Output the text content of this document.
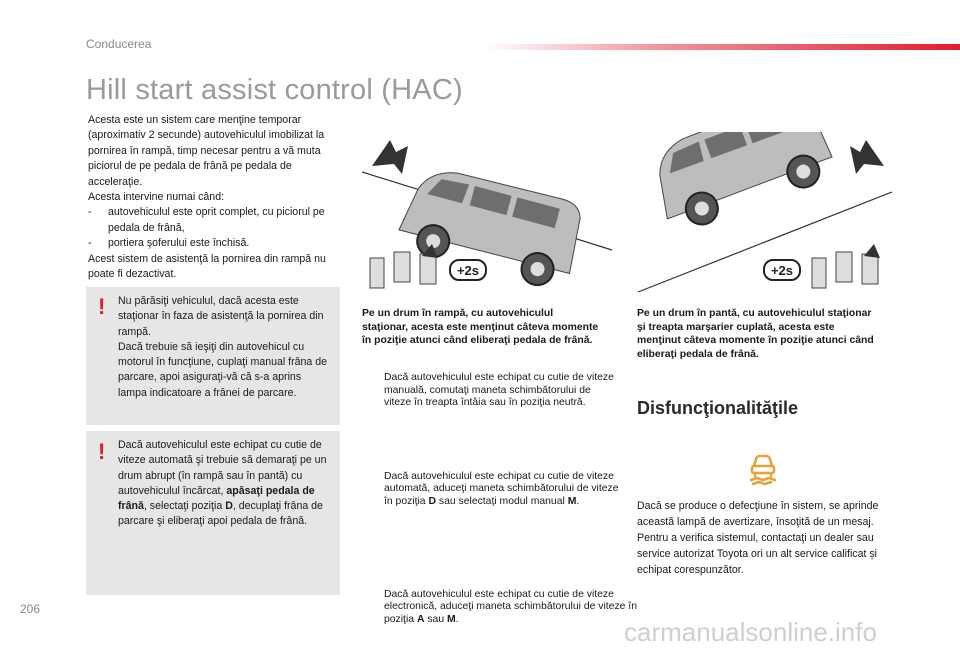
Conducerea
Hill start assist control (HAC)

Acesta este un sistem care menţine temporar (aproximativ 2 secunde) autovehiculul imobilizat la pornirea în rampă, timp necesar pentru a vă muta piciorul de pe pedala de frână pe pedala de acceleraţie.

Acesta intervine numai când:

- autovehiculul este oprit complet, cu piciorul pe pedala de frână,

- portiera şoferului este închisă.

Acest sistem de asistenţă la pornirea din rampă nu poate fi dezactivat.

! Nu părăsiţi vehiculul, dacă acesta este staţionar în faza de asistenţă la pornirea din rampă.

Dacă trebuie să ieşiţi din autovehicul cu motorul în funcţiune, cuplaţi manual frâna de parcare, apoi asiguraţi-vă că s-a aprins lampa indicatoare a frânei de parcare.

! Dacă autovehiculul este echipat cu cutie de viteze automată şi trebuie să demaraţi pe un drum abrupt (în rampă sau în pantă) cu autovehiculul încărcat, apăsaţi pedala de frână, selectaţi poziţia D, decuplaţi frâna de parcare şi eliberaţi apoi pedala de frână.

+2s	+2s
Pe un drum în rampă, cu autovehiculul staţionar, acesta este menţinut câteva momente în poziţie atunci când eliberaţi pedala de frână.
Dacă autovehiculul este echipat cu cutie de viteze manuală, comutaţi maneta schimbătorului de viteze în treapta întâia sau în poziţia neutră.
Dacă autovehiculul este echipat cu cutie de viteze automată, aduceţi maneta schimbătorului de viteze în poziţia D sau selectaţi modul manual M.
Dacă autovehiculul este echipat cu cutie de viteze electronică, aduceţi maneta schimbătorului de viteze în poziţia A sau M.
Pe un drum în pantă, cu autovehiculul staţionar şi treapta marşarier cuplată, acesta este menţinut câteva momente în poziţie atunci când eliberaţi pedala de frână.
Disfuncţionalităţile
Dacă se produce o defecţiune în sistem, se aprinde această lampă de avertizare, însoţită de un mesaj. Pentru a verifica sistemul, contactaţi un dealer sau service autorizat Toyota ori un alt service calificat și echipat corespunzător.
206
carmanualsonline.info
